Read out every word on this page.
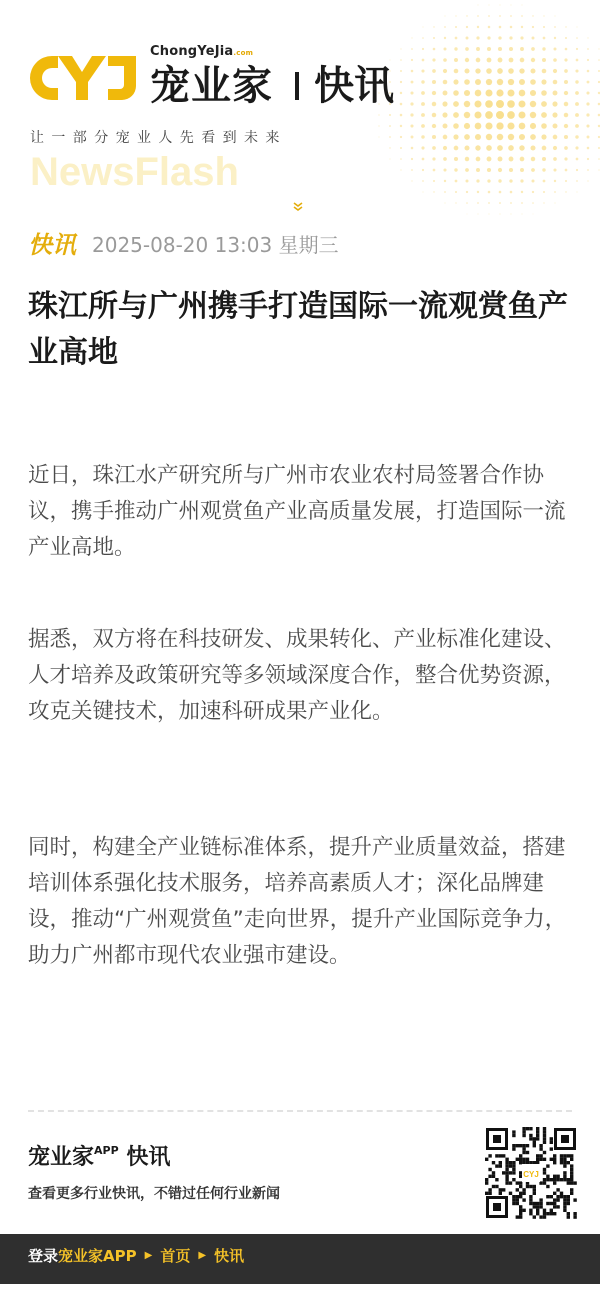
CYJ	ChongYeJia.com
宠业家 快讯
让一部分宠业人先看到未来
NewsFlash
快讯 2025-08-20 13:03 星期三
珠江所与广州携手打造国际一流观赏鱼产业高地

近日，珠江水产研究所与广州市农业农村局签署合作协议，携手推动广州观赏鱼产业高质量发展，打造国际一流产业高地。

据悉，双方将在科技研发、成果转化、产业标准化建设、人才培养及政策研究等多领域深度合作，整合优势资源，攻克关键技术，加速科研成果产业化。

同时，构建全产业链标准体系，提升产业质量效益，搭建培训体系强化技术服务，培养高素质人才；深化品牌建设，推动“广州观赏鱼”走向世界，提升产业国际竞争力，助力广州都市现代农业强市建设。

宠业家$^{APP}$ 快讯
查看更多行业快讯，不错过任何行业新闻
CYJ
登录 宠业家APP ▶ 首页 ▶ 快讯
